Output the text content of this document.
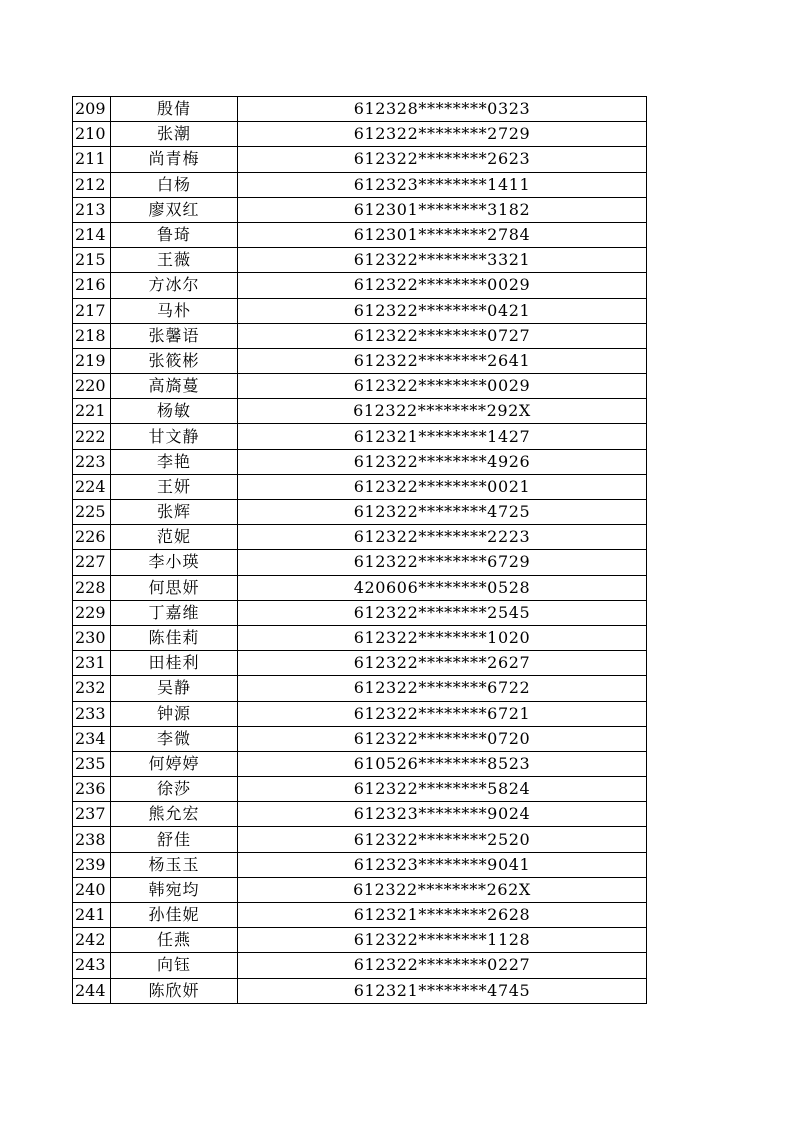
209	殷倩	612328********0323
210	张潮	612322********2729
211	尚青梅	612322********2623
212	白杨	612323********1411
213	廖双红	612301********3182
214	鲁琦	612301********2784
215	王薇	612322********3321
216	方冰尔	612322********0029
217	马朴	612322********0421
218	张馨语	612322********0727
219	张筱彬	612322********2641
220	高旖蔓	612322********0029
221	杨敏	612322********292X
222	甘文静	612321********1427
223	李艳	612322********4926
224	王妍	612322********0021
225	张辉	612322********4725
226	范妮	612322********2223
227	李小瑛	612322********6729
228	何思妍	420606********0528
229	丁嘉维	612322********2545
230	陈佳莉	612322********1020
231	田桂利	612322********2627
232	吴静	612322********6722
233	钟源	612322********6721
234	李微	612322********0720
235	何婷婷	610526********8523
236	徐莎	612322********5824
237	熊允宏	612323********9024
238	舒佳	612322********2520
239	杨玉玉	612323********9041
240	韩宛均	612322********262X
241	孙佳妮	612321********2628
242	任燕	612322********1128
243	向钰	612322********0227
244	陈欣妍	612321********4745
